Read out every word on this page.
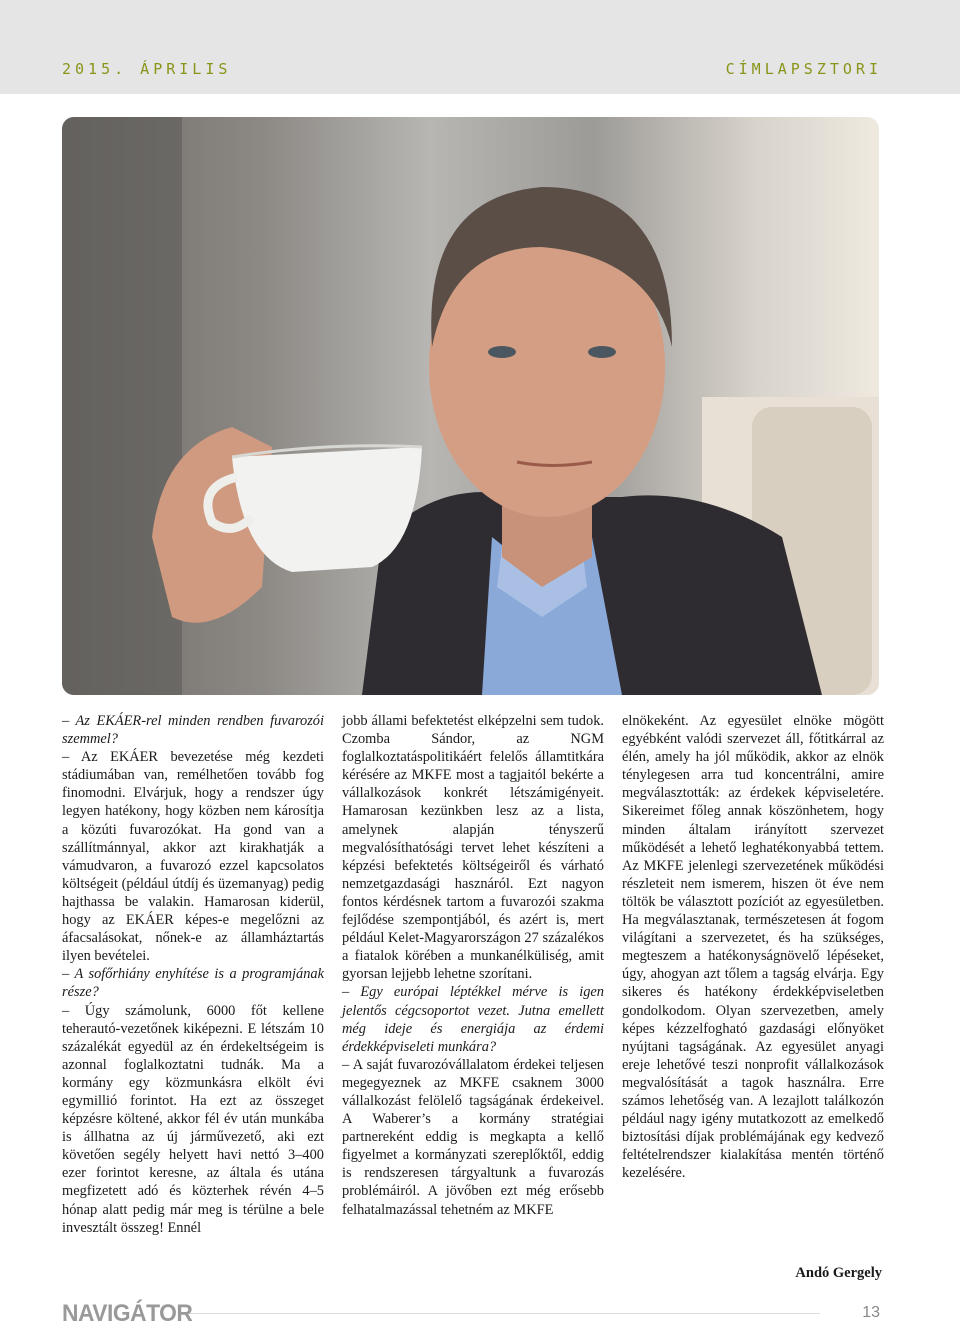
2015. ÁPRILIS	CÍMLAPSZTORI

– Az EKÁER-rel minden rendben fuvarozói szemmel?

– Az EKÁER bevezetése még kezdeti stádiumában van, remélhetően tovább fog finomodni. Elvárjuk, hogy a rendszer úgy legyen hatékony, hogy közben nem károsítja a közúti fuvarozókat. Ha gond van a szállítmánnyal, akkor azt kirakhatják a vámudvaron, a fuvarozó ezzel kapcsolatos költségeit (például útdíj és üzemanyag) pedig hajthassa be valakin. Hamarosan kiderül, hogy az EKÁER képes-e megelőzni az áfacsalásokat, nőnek-e az államháztartás ilyen bevételei.

– A sofőrhiány enyhítése is a programjának része?

– Úgy számolunk, 6000 főt kellene teherautó-vezetőnek kiképezni. E létszám 10 százalékát egyedül az én érdekeltségeim is azonnal foglalkoztatni tudnák. Ma a kormány egy közmunkásra elkölt évi egymillió forintot. Ha ezt az összeget képzésre költené, akkor fél év után munkába is állhatna az új járművezető, aki ezt követően segély helyett havi nettó 3–400 ezer forintot keresne, az általa és utána megfizetett adó és közterhek révén 4–5 hónap alatt pedig már meg is térülne a bele invesztált összeg! Ennél

jobb állami befektetést elképzelni sem tudok. Czomba Sándor, az NGM foglalkoztatáspolitikáért felelős államtitkára kérésére az MKFE most a tagjaitól bekérte a vállalkozások konkrét létszámigényeit. Hamarosan kezünkben lesz az a lista, amelynek alapján tényszerű megvalósíthatósági tervet lehet készíteni a képzési befektetés költségeiről és várható nemzetgazdasági hasznáról. Ezt nagyon fontos kérdésnek tartom a fuvarozói szakma fejlődése szempontjából, és azért is, mert például Kelet-Magyarországon 27 százalékos a fiatalok körében a munkanélküliség, amit gyorsan lejjebb lehetne szorítani.

– Egy európai léptékkel mérve is igen jelentős cégcsoportot vezet. Jutna emellett még ideje és energiája az érdemi érdekképviseleti munkára?

– A saját fuvarozóvállalatom érdekei teljesen megegyeznek az MKFE csaknem 3000 vállalkozást felölelő tagságának érdekeivel. A Waberer’s a kormány stratégiai partnereként eddig is megkapta a kellő figyelmet a kormányzati szereplőktől, eddig is rendszeresen tárgyaltunk a fuvarozás problémáiról. A jövőben ezt még erősebb felhatalmazással tehetném az MKFE

elnökeként. Az egyesület elnöke mögött egyébként valódi szervezet áll, főtitkárral az élén, amely ha jól működik, akkor az elnök ténylegesen arra tud koncentrálni, amire megválasztották: az érdekek képviseletére. Sikereimet főleg annak köszönhetem, hogy minden általam irányított szervezet működését a lehető leghatékonyabbá tettem. Az MKFE jelenlegi szervezetének működési részleteit nem ismerem, hiszen öt éve nem töltök be választott pozíciót az egyesületben. Ha megválasztanak, természetesen át fogom világítani a szervezetet, és ha szükséges, megteszem a hatékonyságnövelő lépéseket, úgy, ahogyan azt tőlem a tagság elvárja. Egy sikeres és hatékony érdekképviseletben gondolkodom. Olyan szervezetben, amely képes kézzelfogható gazdasági előnyöket nyújtani tagságának. Az egyesület anyagi ereje lehetővé teszi nonprofit vállalkozások megvalósítását a tagok használra. Erre számos lehetőség van. A lezajlott találkozón például nagy igény mutatkozott az emelkedő biztosítási díjak problémájának egy kedvező feltételrendszer kialakítása mentén történő kezelésére.

Andó Gergely
NAVIGÁTOR	13
